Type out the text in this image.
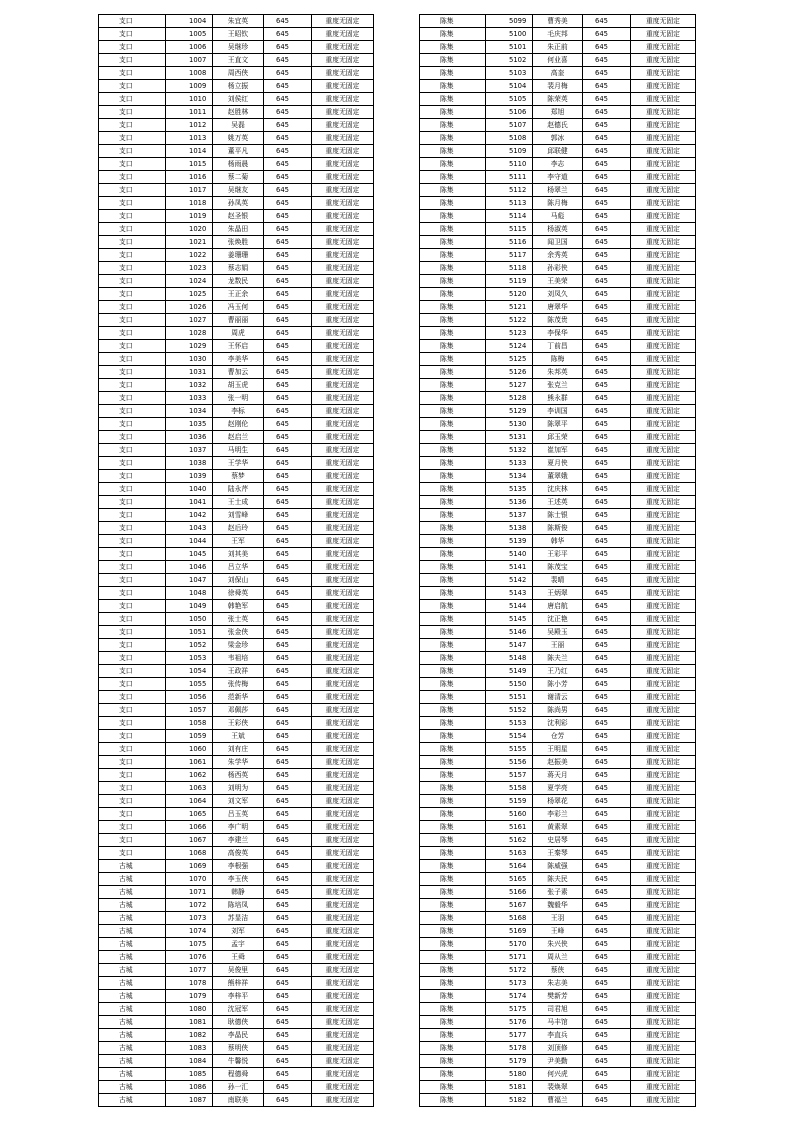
支口	1004	朱宜英	645	重度无固定
支口	1005	王昭钦	645	重度无固定
支口	1006	吴继珍	645	重度无固定
支口	1007	王直文	645	重度无固定
支口	1008	周西侠	645	重度无固定
支口	1009	杨立振	645	重度无固定
支口	1010	刘侯红	645	重度无固定
支口	1011	赵胜林	645	重度无固定
支口	1012	吴磊	645	重度无固定
支口	1013	姚万英	645	重度无固定
支口	1014	董平凡	645	重度无固定
支口	1015	杨雨晨	645	重度无固定
支口	1016	蔡二菊	645	重度无固定
支口	1017	吴继友	645	重度无固定
支口	1018	孙凤英	645	重度无固定
支口	1019	赵圣银	645	重度无固定
支口	1020	朱晶田	645	重度无固定
支口	1021	张焕胜	645	重度无固定
支口	1022	姜珊珊	645	重度无固定
支口	1023	蔡志娟	645	重度无固定
支口	1024	龙数民	645	重度无固定
支口	1025	王正余	645	重度无固定
支口	1026	冯玉何	645	重度无固定
支口	1027	曹丽丽	645	重度无固定
支口	1028	周虎	645	重度无固定
支口	1029	王怀启	645	重度无固定
支口	1030	李美华	645	重度无固定
支口	1031	曹加云	645	重度无固定
支口	1032	胡玉虎	645	重度无固定
支口	1033	张一明	645	重度无固定
支口	1034	李标	645	重度无固定
支口	1035	赵刚伦	645	重度无固定
支口	1036	赵启兰	645	重度无固定
支口	1037	马明生	645	重度无固定
支口	1038	王学华	645	重度无固定
支口	1039	蔡梦	645	重度无固定
支口	1040	陆永芹	645	重度无固定
支口	1041	王士成	645	重度无固定
支口	1042	刘雪峰	645	重度无固定
支口	1043	赵后玲	645	重度无固定
支口	1044	王军	645	重度无固定
支口	1045	刘其美	645	重度无固定
支口	1046	吕立华	645	重度无固定
支口	1047	刘保山	645	重度无固定
支口	1048	徐舜英	645	重度无固定
支口	1049	韩艳军	645	重度无固定
支口	1050	张士英	645	重度无固定
支口	1051	张金侠	645	重度无固定
支口	1052	梁金珍	645	重度无固定
支口	1053	韦祖培	645	重度无固定
支口	1054	王政祥	645	重度无固定
支口	1055	张传梅	645	重度无固定
支口	1056	范新华	645	重度无固定
支口	1057	邓佩莎	645	重度无固定
支口	1058	王彩侠	645	重度无固定
支口	1059	王斌	645	重度无固定
支口	1060	刘有庄	645	重度无固定
支口	1061	朱学华	645	重度无固定
支口	1062	杨西英	645	重度无固定
支口	1063	刘明为	645	重度无固定
支口	1064	刘文军	645	重度无固定
支口	1065	吕玉英	645	重度无固定
支口	1066	李广明	645	重度无固定
支口	1067	李建兰	645	重度无固定
支口	1068	高俊英	645	重度无固定
古城	1069	李根强	645	重度无固定
古城	1070	李玉侠	645	重度无固定
古城	1071	韩静	645	重度无固定
古城	1072	陈培凤	645	重度无固定
古城	1073	苏显洁	645	重度无固定
古城	1074	刘军	645	重度无固定
古城	1075	孟宇	645	重度无固定
古城	1076	王舜	645	重度无固定
古城	1077	吴俊里	645	重度无固定
古城	1078	熊梓祥	645	重度无固定
古城	1079	李梓平	645	重度无固定
古城	1080	沈冠军	645	重度无固定
古城	1081	耿德侠	645	重度无固定
古城	1082	李晶民	645	重度无固定
古城	1083	蔡明侠	645	重度无固定
古城	1084	牛馨悦	645	重度无固定
古城	1085	程德舜	645	重度无固定
古城	1086	孙一汇	645	重度无固定
古城	1087	南联美	645	重度无固定
陈集	5099	曹秀美	645	重度无固定
陈集	5100	毛庆邦	645	重度无固定
陈集	5101	朱正前	645	重度无固定
陈集	5102	何业喜	645	重度无固定
陈集	5103	高奎	645	重度无固定
陈集	5104	裴月梅	645	重度无固定
陈集	5105	陈荣英	645	重度无固定
陈集	5106	郑旭	645	重度无固定
陈集	5107	赵德氏	645	重度无固定
陈集	5108	郭冰	645	重度无固定
陈集	5109	邱联健	645	重度无固定
陈集	5110	李志	645	重度无固定
陈集	5111	李守道	645	重度无固定
陈集	5112	杨翠兰	645	重度无固定
陈集	5113	陈月梅	645	重度无固定
陈集	5114	马彪	645	重度无固定
陈集	5115	杨淑英	645	重度无固定
陈集	5116	闻卫国	645	重度无固定
陈集	5117	余秀英	645	重度无固定
陈集	5118	孙彩侠	645	重度无固定
陈集	5119	王美荣	645	重度无固定
陈集	5120	刘凤久	645	重度无固定
陈集	5121	唐翠华	645	重度无固定
陈集	5122	陈茂贵	645	重度无固定
陈集	5123	李保华	645	重度无固定
陈集	5124	丁前昌	645	重度无固定
陈集	5125	陈梅	645	重度无固定
陈集	5126	朱邦英	645	重度无固定
陈集	5127	张克兰	645	重度无固定
陈集	5128	熊永群	645	重度无固定
陈集	5129	李训国	645	重度无固定
陈集	5130	陈翠平	645	重度无固定
陈集	5131	邱玉荣	645	重度无固定
陈集	5132	崔加军	645	重度无固定
陈集	5133	夏月侠	645	重度无固定
陈集	5134	董翠娥	645	重度无固定
陈集	5135	沈庆林	645	重度无固定
陈集	5136	王述英	645	重度无固定
陈集	5137	陈士银	645	重度无固定
陈集	5138	陈斯俊	645	重度无固定
陈集	5139	韩华	645	重度无固定
陈集	5140	王彩平	645	重度无固定
陈集	5141	陈茂宝	645	重度无固定
陈集	5142	裴晴	645	重度无固定
陈集	5143	王炳翠	645	重度无固定
陈集	5144	唐启航	645	重度无固定
陈集	5145	沈正艳	645	重度无固定
陈集	5146	吴殿玉	645	重度无固定
陈集	5147	王丽	645	重度无固定
陈集	5148	陈夫兰	645	重度无固定
陈集	5149	王乃红	645	重度无固定
陈集	5150	陈小芳	645	重度无固定
陈集	5151	谢清云	645	重度无固定
陈集	5152	陈尚男	645	重度无固定
陈集	5153	沈利彩	645	重度无固定
陈集	5154	仓芳	645	重度无固定
陈集	5155	王明星	645	重度无固定
陈集	5156	赵振美	645	重度无固定
陈集	5157	蒋天月	645	重度无固定
陈集	5158	夏学亮	645	重度无固定
陈集	5159	杨翠花	645	重度无固定
陈集	5160	李彩兰	645	重度无固定
陈集	5161	黄素翠	645	重度无固定
陈集	5162	史居琴	645	重度无固定
陈集	5163	王秦琴	645	重度无固定
陈集	5164	陈威强	645	重度无固定
陈集	5165	陈夫民	645	重度无固定
陈集	5166	张子素	645	重度无固定
陈集	5167	魏毅华	645	重度无固定
陈集	5168	王羽	645	重度无固定
陈集	5169	王峰	645	重度无固定
陈集	5170	朱兴侠	645	重度无固定
陈集	5171	周从兰	645	重度无固定
陈集	5172	蔡侠	645	重度无固定
陈集	5173	朱志美	645	重度无固定
陈集	5174	樊新芳	645	重度无固定
陈集	5175	司君旭	645	重度无固定
陈集	5176	马丰馆	645	重度无固定
陈集	5177	李直兵	645	重度无固定
陈集	5178	刘顶修	645	重度无固定
陈集	5179	尹美勤	645	重度无固定
陈集	5180	何兴虎	645	重度无固定
陈集	5181	裴焕翠	645	重度无固定
陈集	5182	曹福兰	645	重度无固定
